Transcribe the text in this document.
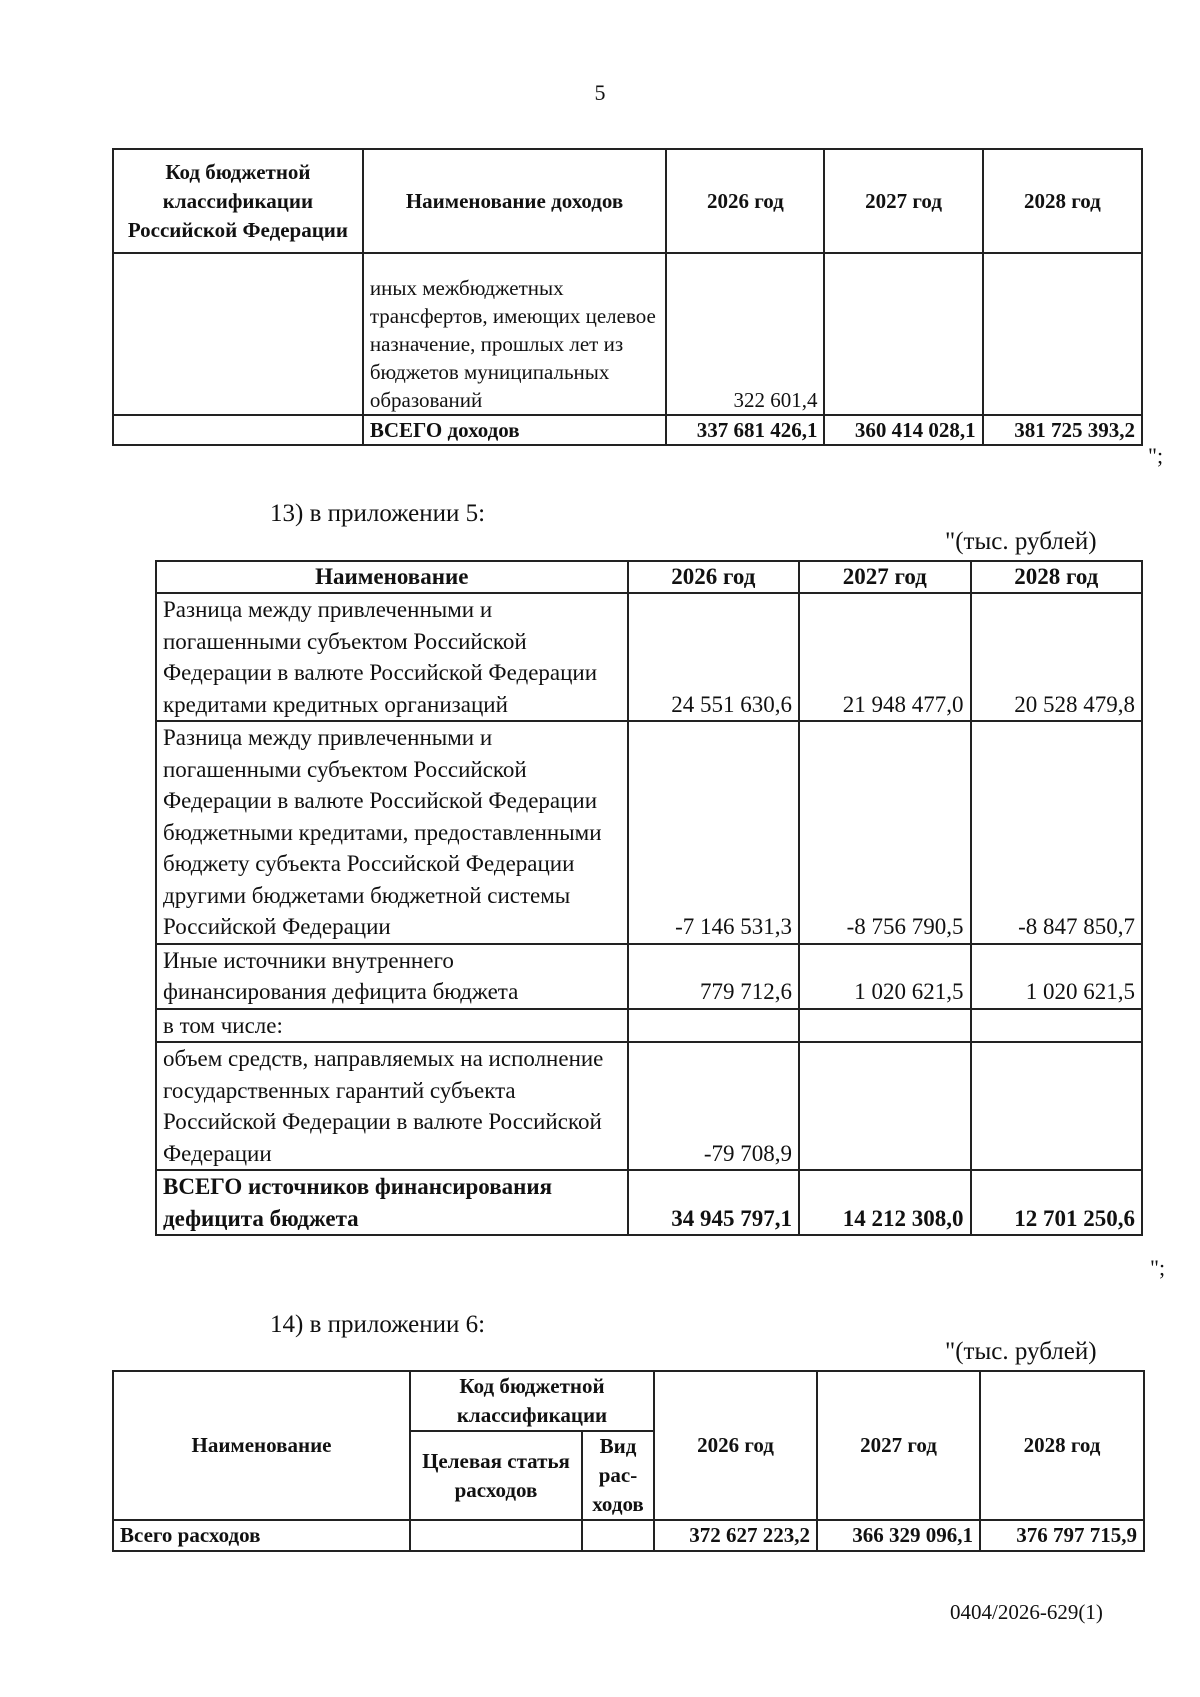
5
Код бюджетной классификации Российской Федерации	Наименование доходов	2026 год	2027 год	2028 год
	иных межбюджетных трансфертов, имеющих целевое назначение, прошлых лет из бюджетов муниципальных образований	322 601,4		
	ВСЕГО доходов	337 681 426,1	360 414 028,1	381 725 393,2
";
13) в приложении 5:
"(тыс. рублей)
Наименование	2026 год	2027 год	2028 год
Разница между привлеченными и погашенными субъектом Российской Федерации в валюте Российской Федерации кредитами кредитных организаций	24 551 630,6	21 948 477,0	20 528 479,8
Разница между привлеченными и погашенными субъектом Российской Федерации в валюте Российской Федерации бюджетными кредитами, предоставленными бюджету субъекта Российской Федерации другими бюджетами бюджетной системы Российской Федерации	-7 146 531,3	-8 756 790,5	-8 847 850,7
Иные источники внутреннего финансирования дефицита бюджета	779 712,6	1 020 621,5	1 020 621,5
в том числе:			
объем средств, направляемых на исполнение государственных гарантий субъекта Российской Федерации в валюте Российской Федерации	-79 708,9		
ВСЕГО источников финансирования дефицита бюджета	34 945 797,1	14 212 308,0	12 701 250,6
";
14) в приложении 6:
"(тыс. рублей)
Наименование	Код бюджетной классификации		2026 год	2027 год	2028 год
	Целевая статья расходов	Вид рас- ходов			
Всего расходов			372 627 223,2	366 329 096,1	376 797 715,9
0404/2026-629(1)
